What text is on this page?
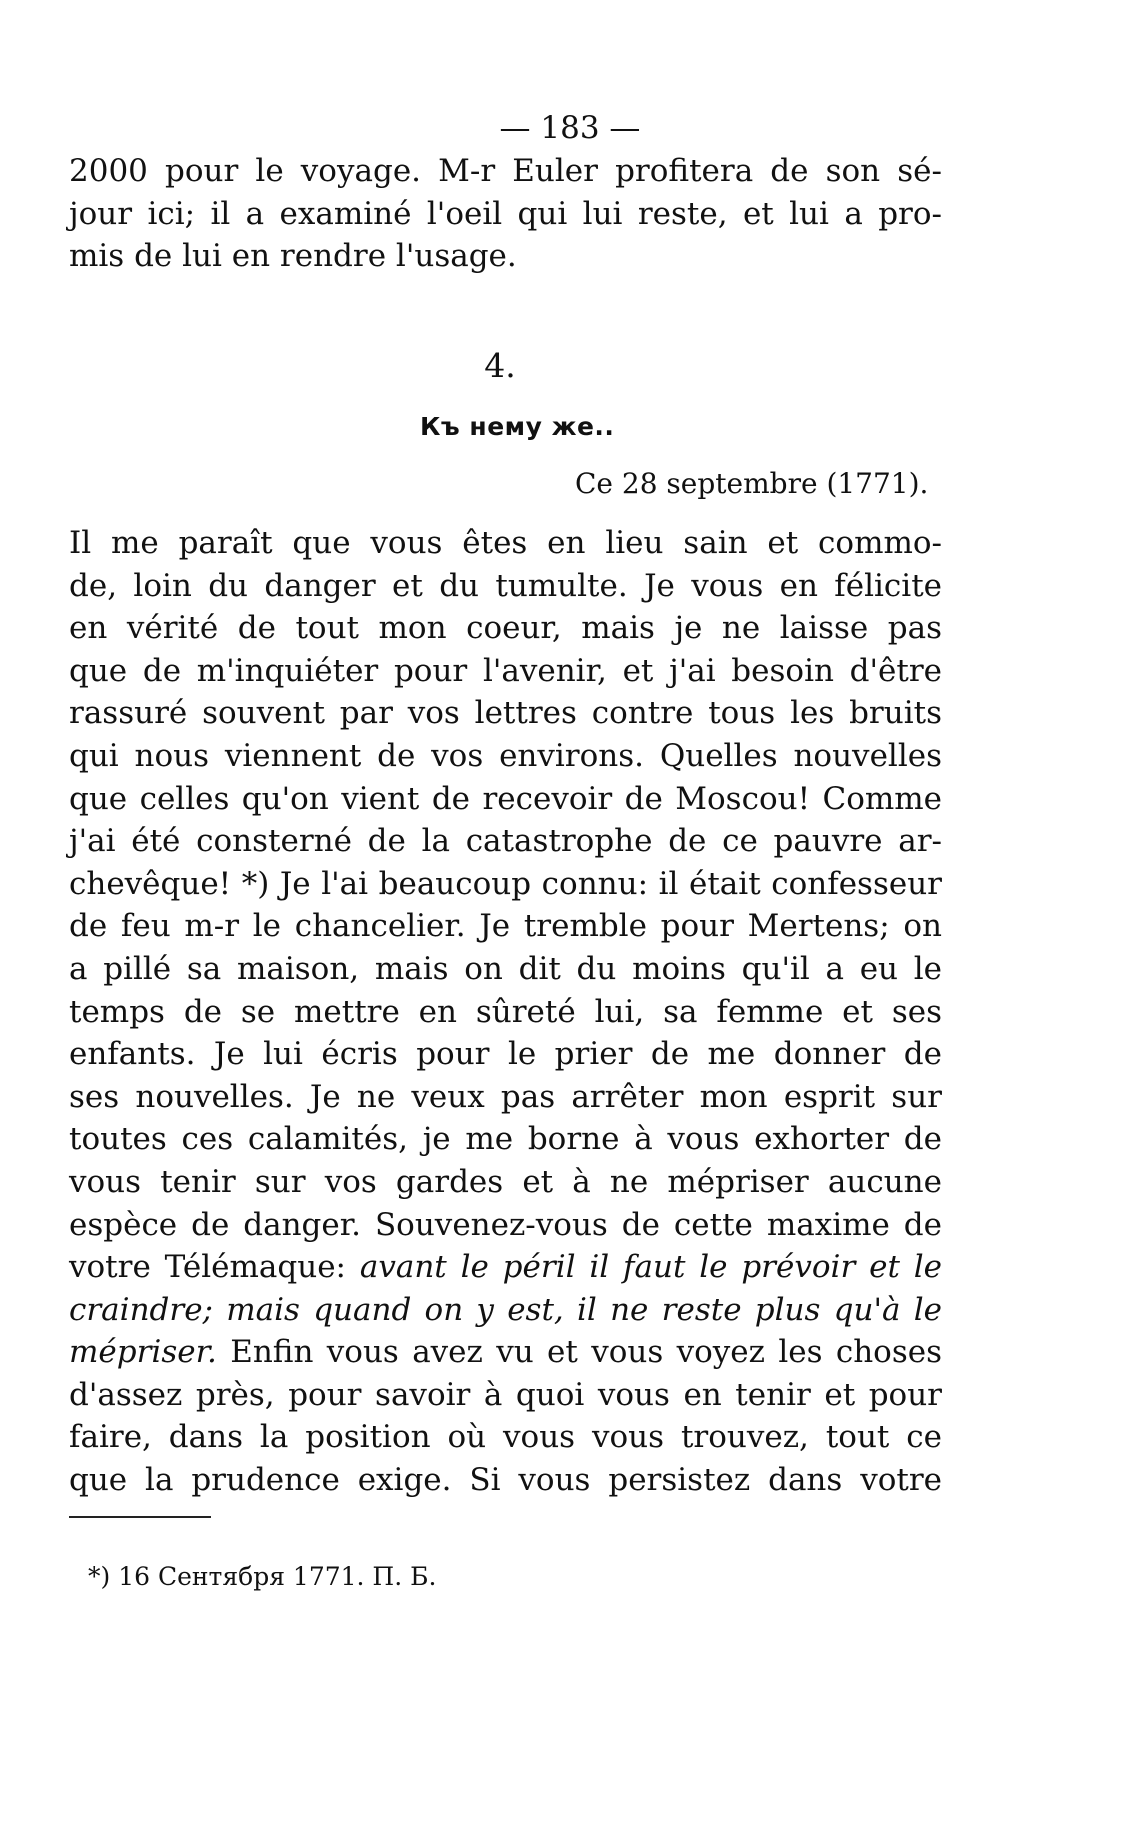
— 183 —
2000 pour le voyage. M-r Euler profitera de son sé-
jour ici; il a examiné l'oeil qui lui reste, et lui a pro-
mis de lui en rendre l'usage.
4.
Къ нему же..
Ce 28 septembre (1771).
Il me paraît que vous êtes en lieu sain et commo-
de, loin du danger et du tumulte. Je vous en félicite
en vérité de tout mon coeur, mais je ne laisse pas
que de m'inquiéter pour l'avenir, et j'ai besoin d'être
rassuré souvent par vos lettres contre tous les bruits
qui nous viennent de vos environs. Quelles nouvelles
que celles qu'on vient de recevoir de Moscou! Comme
j'ai été consterné de la catastrophe de ce pauvre ar-
chevêque! *) Je l'ai beaucoup connu: il était confesseur
de feu m-r le chancelier. Je tremble pour Mertens; on
a pillé sa maison, mais on dit du moins qu'il a eu le
temps de se mettre en sûreté lui, sa femme et ses
enfants. Je lui écris pour le prier de me donner de
ses nouvelles. Je ne veux pas arrêter mon esprit sur
toutes ces calamités, je me borne à vous exhorter de
vous tenir sur vos gardes et à ne mépriser aucune
espèce de danger. Souvenez-vous de cette maxime de
votre Télémaque: avant le péril il faut le prévoir et le
craindre; mais quand on y est, il ne reste plus qu'à le
mépriser. Enfin vous avez vu et vous voyez les choses
d'assez près, pour savoir à quoi vous en tenir et pour
faire, dans la position où vous vous trouvez, tout ce
que la prudence exige. Si vous persistez dans votre
*) 16 Сентября 1771. П. Б.
